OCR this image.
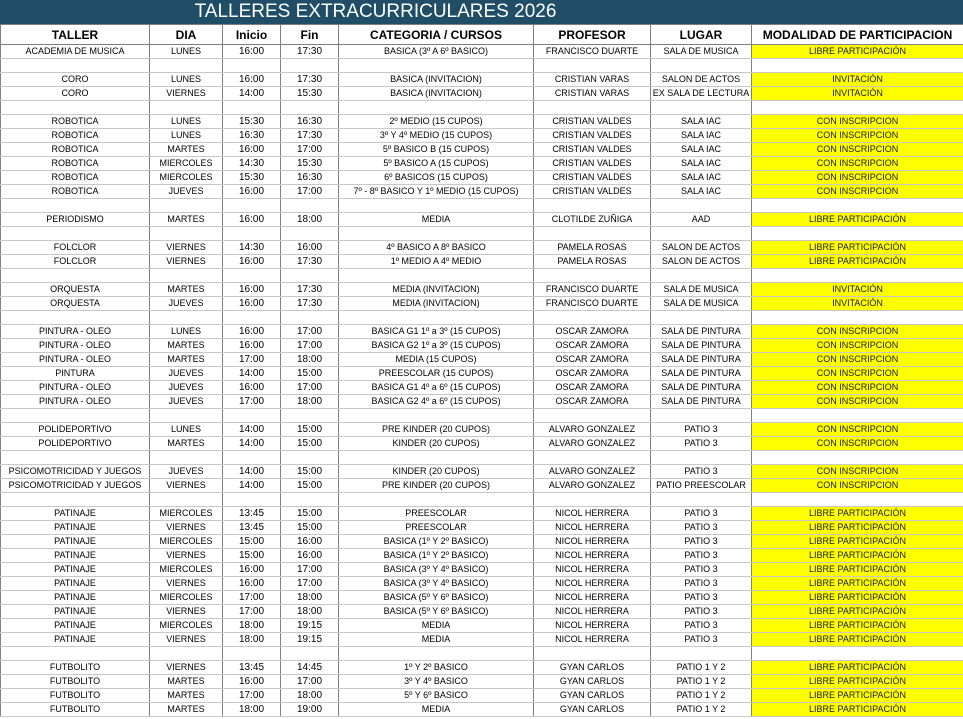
TALLERES EXTRACURRICULARES 2026
TALLER	DIA	Inicio	Fin	CATEGORIA / CURSOS	PROFESOR	LUGAR	MODALIDAD DE PARTICIPACION
ACADEMIA DE MUSICA	LUNES	16:00	17:30	BASICA (3º A 6º BASICO)	FRANCISCO DUARTE	SALA DE MUSICA	LIBRE PARTICIPACIÓN

CORO	LUNES	16:00	17:30	BASICA (INVITACION)	CRISTIAN VARAS	SALON DE ACTOS	INVITACIÓN
CORO	VIERNES	14:00	15:30	BASICA (INVITACION)	CRISTIAN VARAS	EX SALA DE LECTURA	INVITACIÓN

ROBOTICA	LUNES	15:30	16:30	2º MEDIO (15 CUPOS)	CRISTIAN VALDES	SALA IAC	CON INSCRIPCION
ROBOTICA	LUNES	16:30	17:30	3º Y 4º MEDIO (15 CUPOS)	CRISTIAN VALDES	SALA IAC	CON INSCRIPCION
ROBOTICA	MARTES	16:00	17:00	5º BASICO B (15 CUPOS)	CRISTIAN VALDES	SALA IAC	CON INSCRIPCION
ROBOTICA	MIERCOLES	14:30	15:30	5º BASICO A (15 CUPOS)	CRISTIAN VALDES	SALA IAC	CON INSCRIPCION
ROBOTICA	MIERCOLES	15:30	16:30	6º BASICOS (15 CUPOS)	CRISTIAN VALDES	SALA IAC	CON INSCRIPCION
ROBOTICA	JUEVES	16:00	17:00	7º - 8º BASICO Y 1º MEDIO (15 CUPOS)	CRISTIAN VALDES	SALA IAC	CON INSCRIPCION

PERIODISMO	MARTES	16:00	18:00	MEDIA	CLOTILDE ZUÑIGA	AAD	LIBRE PARTICIPACIÓN

FOLCLOR	VIERNES	14:30	16:00	4º BASICO A 8º BASICO	PAMELA ROSAS	SALON DE ACTOS	LIBRE PARTICIPACIÓN
FOLCLOR	VIERNES	16:00	17:30	1º MEDIO A 4º MEDIO	PAMELA ROSAS	SALON DE ACTOS	LIBRE PARTICIPACIÓN

ORQUESTA	MARTES	16:00	17:30	MEDIA (INVITACION)	FRANCISCO DUARTE	SALA DE MUSICA	INVITACIÓN
ORQUESTA	JUEVES	16:00	17:30	MEDIA (INVITACION)	FRANCISCO DUARTE	SALA DE MUSICA	INVITACIÓN

PINTURA - OLEO	LUNES	16:00	17:00	BASICA G1 1º a 3º (15 CUPOS)	OSCAR ZAMORA	SALA DE PINTURA	CON INSCRIPCION
PINTURA - OLEO	MARTES	16:00	17:00	BASICA G2 1º a 3º (15 CUPOS)	OSCAR ZAMORA	SALA DE PINTURA	CON INSCRIPCION
PINTURA - OLEO	MARTES	17:00	18:00	MEDIA (15 CUPOS)	OSCAR ZAMORA	SALA DE PINTURA	CON INSCRIPCION
PINTURA	JUEVES	14:00	15:00	PREESCOLAR (15 CUPOS)	OSCAR ZAMORA	SALA DE PINTURA	CON INSCRIPCION
PINTURA - OLEO	JUEVES	16:00	17:00	BASICA G1 4º a 6º (15 CUPOS)	OSCAR ZAMORA	SALA DE PINTURA	CON INSCRIPCION
PINTURA - OLEO	JUEVES	17:00	18:00	BASICA G2 4º a 6º (15 CUPOS)	OSCAR ZAMORA	SALA DE PINTURA	CON INSCRIPCION

POLIDEPORTIVO	LUNES	14:00	15:00	PRE KINDER (20 CUPOS)	ALVARO GONZALEZ	PATIO 3	CON INSCRIPCION
POLIDEPORTIVO	MARTES	14:00	15:00	KINDER (20 CUPOS)	ALVARO GONZALEZ	PATIO 3	CON INSCRIPCION

PSICOMOTRICIDAD Y JUEGOS	JUEVES	14:00	15:00	KINDER (20 CUPOS)	ALVARO GONZALEZ	PATIO 3	CON INSCRIPCION
PSICOMOTRICIDAD Y JUEGOS	VIERNES	14:00	15:00	PRE KINDER (20 CUPOS)	ALVARO GONZALEZ	PATIO PREESCOLAR	CON INSCRIPCION

PATINAJE	MIERCOLES	13:45	15:00	PREESCOLAR	NICOL HERRERA	PATIO 3	LIBRE PARTICIPACIÓN
PATINAJE	VIERNES	13:45	15:00	PREESCOLAR	NICOL HERRERA	PATIO 3	LIBRE PARTICIPACIÓN
PATINAJE	MIERCOLES	15:00	16:00	BASICA (1º Y 2º BASICO)	NICOL HERRERA	PATIO 3	LIBRE PARTICIPACIÓN
PATINAJE	VIERNES	15:00	16:00	BASICA (1º Y 2º BASICO)	NICOL HERRERA	PATIO 3	LIBRE PARTICIPACIÓN
PATINAJE	MIERCOLES	16:00	17:00	BASICA (3º Y 4º BASICO)	NICOL HERRERA	PATIO 3	LIBRE PARTICIPACIÓN
PATINAJE	VIERNES	16:00	17:00	BASICA (3º Y 4º BASICO)	NICOL HERRERA	PATIO 3	LIBRE PARTICIPACIÓN
PATINAJE	MIERCOLES	17:00	18:00	BASICA (5º Y 6º BASICO)	NICOL HERRERA	PATIO 3	LIBRE PARTICIPACIÓN
PATINAJE	VIERNES	17:00	18:00	BASICA (5º Y 6º BASICO)	NICOL HERRERA	PATIO 3	LIBRE PARTICIPACIÓN
PATINAJE	MIERCOLES	18:00	19:15	MEDIA	NICOL HERRERA	PATIO 3	LIBRE PARTICIPACIÓN
PATINAJE	VIERNES	18:00	19:15	MEDIA	NICOL HERRERA	PATIO 3	LIBRE PARTICIPACIÓN

FUTBOLITO	VIERNES	13:45	14:45	1º Y 2º BASICO	GYAN CARLOS	PATIO 1 Y 2	LIBRE PARTICIPACIÓN
FUTBOLITO	MARTES	16:00	17:00	3º Y 4º BASICO	GYAN CARLOS	PATIO 1 Y 2	LIBRE PARTICIPACIÓN
FUTBOLITO	MARTES	17:00	18:00	5º Y 6º BASICO	GYAN CARLOS	PATIO 1 Y 2	LIBRE PARTICIPACIÓN
FUTBOLITO	MARTES	18:00	19:00	MEDIA	GYAN CARLOS	PATIO 1 Y 2	LIBRE PARTICIPACIÓN
